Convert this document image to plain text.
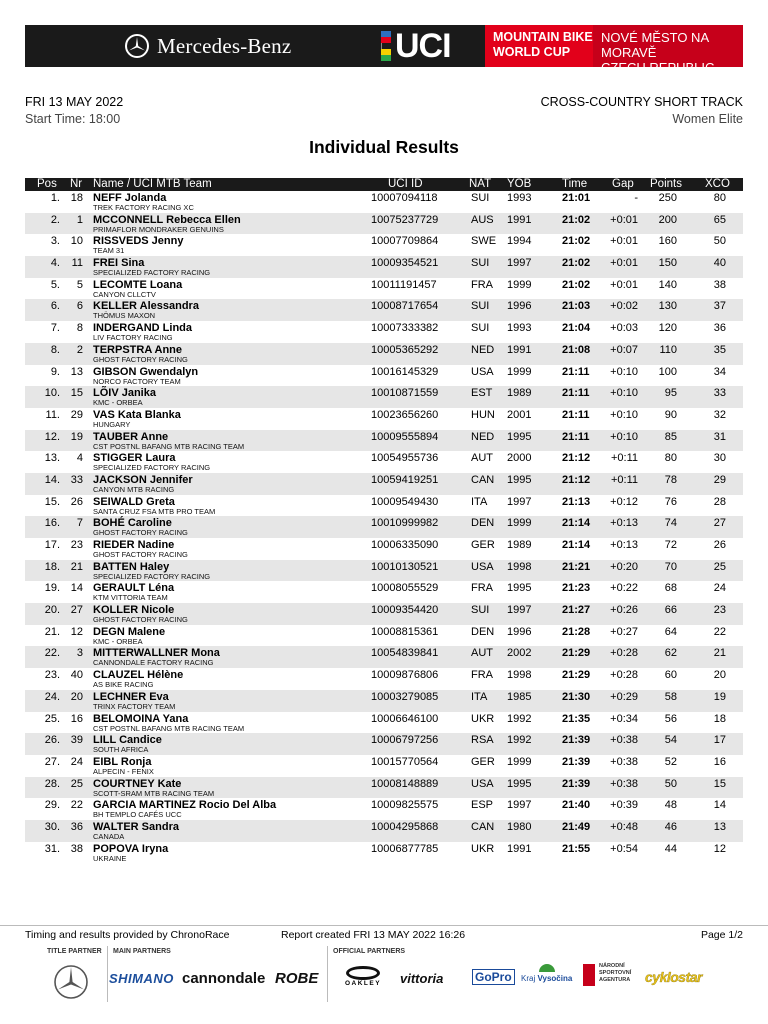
Mercedes-Benz	UCI	MOUNTAIN BIKE
WORLD CUP
NOVÉ MĚSTO NA MORAVĚ
CZECH REPUBLIC
FRI 13 MAY 2022
Start Time: 18:00
CROSS-COUNTRY SHORT TRACK
Women Elite
Individual Results
Pos Nr Name / UCI MTB Team	UCI ID	NAT YOB	Time Gap Points XCO
1. 18 NEFF Jolanda	10007094118	SUI 1993	21:01	-	250	80
TREK FACTORY RACING XC
2.	1 MCCONNELL Rebecca Ellen	10075237729	AUS 1991	21:02	+0:01	200	65
PRIMAFLOR MONDRAKER GENUINS
3. 10 RISSVEDS Jenny	10007709864	SWE 1994	21:02	+0:01	160	50
TEAM 31
4.	11 FREI Sina	10009354521	SUI 1997	21:02	+0:01	150	40
SPECIALIZED FACTORY RACING
5.	5 LECOMTE Loana	10011191457	FRA 1999	21:02	+0:01	140	38
CANYON CLLCTV
6.	6 KELLER Alessandra	10008717654	SUI 1996	21:03	+0:02	130	37
THÖMUS MAXON
7.	8 INDERGAND Linda	10007333382	SUI 1993	21:04	+0:03	120	36
LIV FACTORY RACING
8.	2 TERPSTRA Anne	10005365292	NED 1991	21:08	+0:07	110	35
GHOST FACTORY RACING
9. 13 GIBSON Gwendalyn	10016145329	USA 1999	21:11	+0:10	100	34
NORCO FACTORY TEAM
10. 15 LÕIV Janika	10010871559	EST 1989	21:11	+0:10	95	33
KMC - ORBEA
11. 29 VAS Kata Blanka	10023656260	HUN 2001	21:11	+0:10	90	32
HUNGARY
12. 19 TAUBER Anne	10009555894	NED 1995	21:11	+0:10	85	31
CST POSTNL BAFANG MTB RACING TEAM
13.	4 STIGGER Laura	10054955736	AUT 2000	21:12	+0:11	80	30
SPECIALIZED FACTORY RACING
14. 33 JACKSON Jennifer	10059419251	CAN 1995	21:12	+0:11	78	29
CANYON MTB RACING
15. 26 SEIWALD Greta	10009549430	ITA 1997	21:13	+0:12	76	28
SANTA CRUZ FSA MTB PRO TEAM
16.	7 BOHÉ Caroline	10010999982	DEN 1999	21:14	+0:13	74	27
GHOST FACTORY RACING
17. 23 RIEDER Nadine	10006335090	GER 1989	21:14	+0:13	72	26
GHOST FACTORY RACING
18. 21 BATTEN Haley	10010130521	USA 1998	21:21	+0:20	70	25
SPECIALIZED FACTORY RACING
19. 14 GERAULT Léna	10008055529	FRA 1995	21:23	+0:22	68	24
KTM VITTORIA TEAM
20. 27 KOLLER Nicole	10009354420	SUI 1997	21:27	+0:26	66	23
GHOST FACTORY RACING
21. 12 DEGN Malene	10008815361	DEN 1996	21:28	+0:27	64	22
KMC - ORBEA
22.	3 MITTERWALLNER Mona	10054839841	AUT 2002	21:29	+0:28	62	21
CANNONDALE FACTORY RACING
23. 40 CLAUZEL Hélène	10009876806	FRA 1998	21:29	+0:28	60	20
AS BIKE RACING
24. 20 LECHNER Eva	10003279085	ITA 1985	21:30	+0:29	58	19
TRINX FACTORY TEAM
25. 16 BELOMOINA Yana	10006646100	UKR 1992	21:35	+0:34	56	18
CST POSTNL BAFANG MTB RACING TEAM
26. 39 LILL Candice	10006797256	RSA 1992	21:39	+0:38	54	17
SOUTH AFRICA
27. 24 EIBL Ronja	10015770564	GER 1999	21:39	+0:38	52	16
ALPECIN - FENIX
28. 25 COURTNEY Kate	10008148889	USA 1995	21:39	+0:38	50	15
SCOTT-SRAM MTB RACING TEAM
29. 22 GARCIA MARTINEZ Rocio Del Alba	10009825575	ESP 1997	21:40	+0:39	48	14
BH TEMPLO CAFÉS UCC
30. 36 WALTER Sandra	10004295868	CAN 1980	21:49	+0:48	46	13
CANADA
31. 38 POPOVA Iryna	10006877785	UKR 1991	21:55	+0:54	44	12
UKRAINE
Timing and results provided by ChronoRace	Report created FRI 13 MAY 2022 16:26	Page 1/2
TITLE PARTNER MAIN PARTNERS	OFFICIAL PARTNERS
SHIMANO cannondale ROBE	OAKLEY vittoria	GoPro	Kraj Vysočina
NÁRODNÍ
SPORTOVNÍ
AGENTURA cyklostar
